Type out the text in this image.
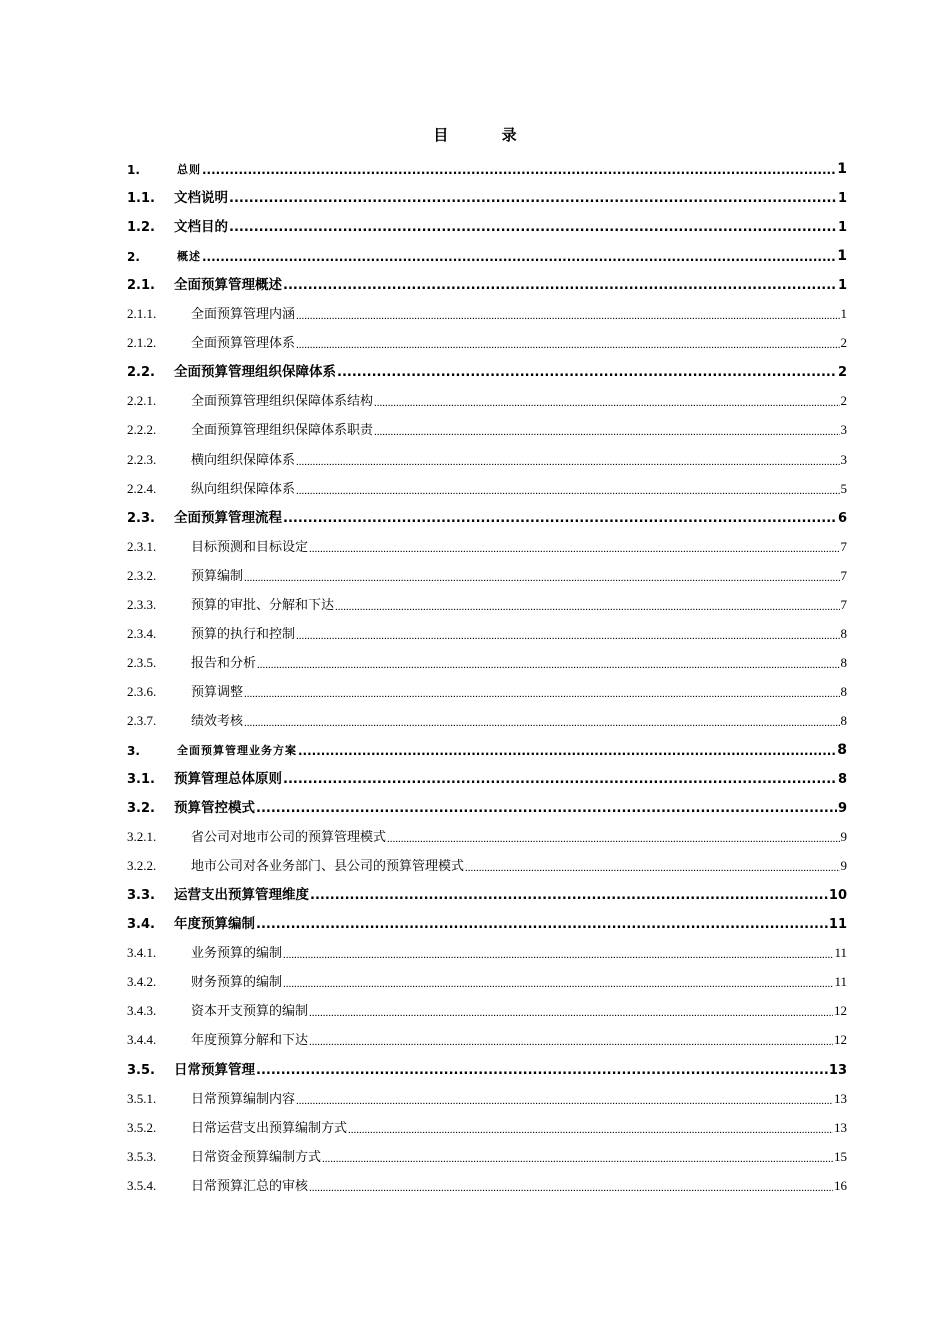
目 录
1.	总则 .....	1
1.1.	文档说明 .....	1
1.2.	文档目的 .....	1
2.	概述 .....	1
2.1.	全面预算管理概述 .....	1
2.1.1.	全面预算管理内涵 .....	1
2.1.2.	全面预算管理体系 .....	2
2.2.	全面预算管理组织保障体系 .....	2
2.2.1.	全面预算管理组织保障体系结构 .....	2
2.2.2.	全面预算管理组织保障体系职责 .....	3
2.2.3.	横向组织保障体系 .....	3
2.2.4.	纵向组织保障体系 .....	5
2.3.	全面预算管理流程 .....	6
2.3.1.	目标预测和目标设定 .....	7
2.3.2.	预算编制 .....	7
2.3.3.	预算的审批、分解和下达 .....	7
2.3.4.	预算的执行和控制 .....	8
2.3.5.	报告和分析 .....	8
2.3.6.	预算调整 .....	8
2.3.7.	绩效考核 .....	8
3.	全面预算管理业务方案 .....	8
3.1.	预算管理总体原则 .....	8
3.2.	预算管控模式 .....	9
3.2.1.	省公司对地市公司的预算管理模式 .....	9
3.2.2.	地市公司对各业务部门、县公司的预算管理模式 .....	9
3.3.	运营支出预算管理维度 .....	10
3.4.	年度预算编制 .....	11
3.4.1.	业务预算的编制 .....	11
3.4.2.	财务预算的编制 .....	11
3.4.3.	资本开支预算的编制 .....	12
3.4.4.	年度预算分解和下达 .....	12
3.5.	日常预算管理 .....	13
3.5.1.	日常预算编制内容 .....	13
3.5.2.	日常运营支出预算编制方式 .....	13
3.5.3.	日常资金预算编制方式 .....	15
3.5.4.	日常预算汇总的审核 .....	16
